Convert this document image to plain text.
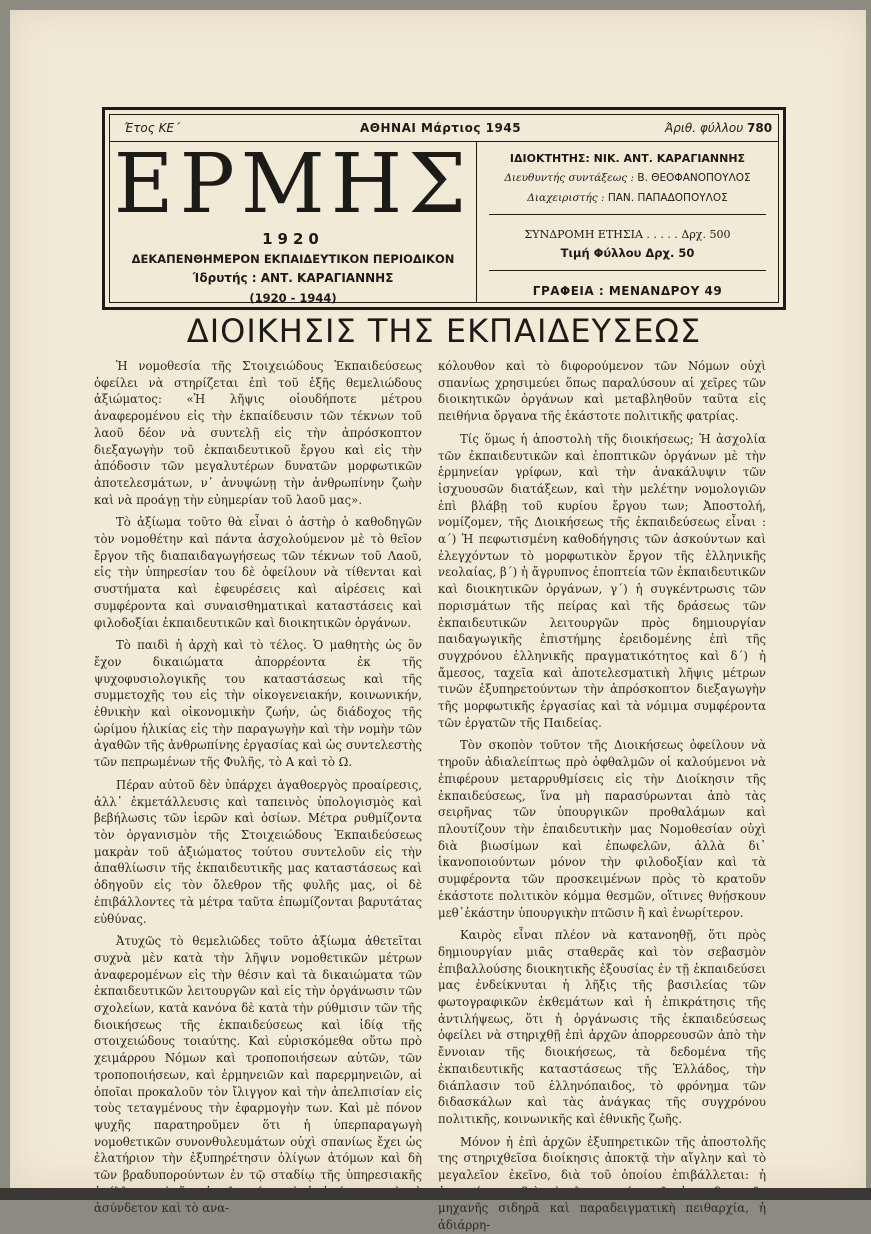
Έτος ΚΕ΄	ΑΘΗΝΑΙ Μάρτιος 1945	Άριθ. φύλλου 780
ΕΡΜΗΣ
1920
ΔΕΚΑΠΕΝΘΗΜΕΡΟΝ ΕΚΠΑΙΔΕΥΤΙΚΟΝ ΠΕΡΙΟΔΙΚΟΝ
Ίδρυτής : ΑΝΤ. ΚΑΡΑΓΙΑΝΝΗΣ
(1920 - 1944)
ΙΔΙΟΚΤΗΤΗΣ: ΝΙΚ. ΑΝΤ. ΚΑΡΑΓΙΑΝΝΗΣ
Διευθυντής συντάξεως : Β. ΘΕΟΦΑΝΟΠΟΥΛΟΣ
Διαχειριστής : ΠΑΝ. ΠΑΠΑΔΟΠΟΥΛΟΣ
ΣΥΝΔΡΟΜΗ ΕΤΗΣΙΑ . . . . . Δρχ. 500
Τιμή Φύλλου Δρχ. 50
ΓΡΑΦΕΙΑ : ΜΕΝΑΝΔΡΟΥ 49
ΔΙΟΙΚΗΣΙΣ ΤΗΣ ΕΚΠΑΙΔΕΥΣΕΩΣ

Ἡ νομοθεσία τῆς Στοιχειώδους Ἐκπαιδεύσεως ὀφείλει νὰ στηρίζεται ἐπὶ τοῦ ἑξῆς θεμελιώδους ἀξιώματος: «Ἡ λῆψις οἱουδήποτε μέτρου ἀναφερομένου εἰς τὴν ἐκπαίδευσιν τῶν τέκνων τοῦ λαοῦ δέον νὰ συντελῇ εἰς τὴν ἀπρόσκοπτον διεξαγωγὴν τοῦ ἐκπαιδευτικοῦ ἔργου καὶ εἰς τὴν ἀπόδοσιν τῶν μεγαλυτέρων δυνατῶν μορφωτικῶν ἀποτελεσμάτων, ν᾽ ἀνυψώνῃ τὴν ἀνθρωπίνην ζωὴν καὶ νὰ προάγῃ τὴν εὐημερίαν τοῦ λαοῦ μας».

Τὸ ἀξίωμα τοῦτο θὰ εἶναι ὁ ἀστὴρ ὁ καθοδηγῶν τὸν νομοθέτην καὶ πάντα ἀσχολούμενον μὲ τὸ θεῖον ἔργον τῆς διαπαιδαγωγήσεως τῶν τέκνων τοῦ Λαοῦ, εἰς τὴν ὑπηρεσίαν του δὲ ὀφείλουν νὰ τίθενται καὶ συστήματα καὶ ἐφευρέσεις καὶ αἱρέσεις καὶ συμφέροντα καὶ συναισθηματικαὶ καταστάσεις καὶ φιλοδοξίαι ἐκπαιδευτικῶν καὶ διοικητικῶν ὀργάνων.

Τὸ παιδὶ ἡ ἀρχὴ καὶ τὸ τέλος. Ὁ μαθητὴς ὡς ὃν ἔχον δικαιώματα ἀπορρέοντα ἐκ τῆς ψυχοφυσιολογικῆς του καταστάσεως καὶ τῆς συμμετοχῆς του εἰς τὴν οἰκογενειακήν, κοινωνικήν, ἐθνικὴν καὶ οἰκονομικὴν ζωήν, ὡς διάδοχος τῆς ὡρίμου ἡλικίας εἰς τὴν παραγωγὴν καὶ τὴν νομὴν τῶν ἀγαθῶν τῆς ἀνθρωπίνης ἐργασίας καὶ ὡς συντελεστὴς τῶν πεπρωμένων τῆς Φυλῆς, τὸ Α καὶ τὸ Ω.

Πέραν αὐτοῦ δὲν ὑπάρχει ἀγαθοεργὸς προαίρεσις, ἀλλ᾽ ἐκμετάλλευσις καὶ ταπεινὸς ὑπολογισμὸς καὶ βεβήλωσις τῶν ἱερῶν καὶ ὁσίων. Μέτρα ρυθμίζοντα τὸν ὀργανισμὸν τῆς Στοιχειώδους Ἐκπαιδεύσεως μακρὰν τοῦ ἀξιώματος τούτου συντελοῦν εἰς τὴν ἀπαθλίωσιν τῆς ἐκπαιδευτικῆς μας καταστάσεως καὶ ὁδηγοῦν εἰς τὸν ὄλεθρον τῆς φυλῆς μας, οἱ δὲ ἐπιβάλλοντες τὰ μέτρα ταῦτα ἐπωμίζονται βαρυτάτας εὐθύνας.

Ἀτυχῶς τὸ θεμελιῶδες τοῦτο ἀξίωμα ἀθετεῖται συχνὰ μὲν κατὰ τὴν λῆψιν νομοθετικῶν μέτρων ἀναφερομένων εἰς τὴν θέσιν καὶ τὰ δικαιώματα τῶν ἐκπαιδευτικῶν λειτουργῶν καὶ εἰς τὴν ὀργάνωσιν τῶν σχολείων, κατὰ κανόνα δὲ κατὰ τὴν ρύθμισιν τῶν τῆς διοικήσεως τῆς ἐκπαιδεύσεως καὶ ἰδίᾳ τῆς στοιχειώδους τοιαύτης. Καὶ εὑρισκόμεθα οὕτω πρὸ χειμάρρου Νόμων καὶ τροποποιήσεων αὐτῶν, τῶν τροποποιήσεων, καὶ ἑρμηνειῶν καὶ παρερμηνειῶν, αἱ ὁποῖαι προκαλοῦν τὸν ἴλιγγον καὶ τὴν ἀπελπισίαν εἰς τοὺς τεταγμένους τὴν ἐφαρμογὴν των. Καὶ μὲ πόνον ψυχῆς παρατηροῦμεν ὅτι ἡ ὑπερπαραγωγὴ νομοθετικῶν συνονθυλευμάτων οὐχὶ σπανίως ἔχει ὡς ἐλατήριον τὴν ἐξυπηρέτησιν ὀλίγων ἀτόμων καὶ δὴ τῶν βραδυπορούντων ἐν τῷ σταδίῳ τῆς ὑπηρεσιακῆς ἀσύνδετον καὶ τὸ ανα-

κόλουθον καὶ τὸ διφορούμενον τῶν Νόμων οὐχὶ σπανίως χρησιμεύει ὅπως παραλύσουν αἱ χεῖρες τῶν διοικητικῶν ὀργάνων καὶ μεταβληθοῦν ταῦτα εἰς πειθήνια ὄργανα τῆς ἑκάστοτε πολιτικῆς φατρίας.

Τίς ὅμως ἡ ἀποστολὴ τῆς διοικήσεως; Ἡ ἀσχολία τῶν ἐκπαιδευτικῶν καὶ ἐποπτικῶν ὀργάνων μὲ τὴν ἑρμηνείαν γρίφων, καὶ τὴν ἀνακάλυψιν τῶν ἰσχυουσῶν διατάξεων, καὶ τὴν μελέτην νομολογιῶν ἐπὶ βλάβῃ τοῦ κυρίου ἔργου των; Ἀποστολή, νομίζομεν, τῆς Διοικήσεως τῆς ἐκπαιδεύσεως εἶναι : α΄) Ἡ πεφωτισμένη καθοδήγησις τῶν ἀσκούντων καὶ ἐλεγχόντων τὸ μορφωτικὸν ἔργον τῆς ἑλληνικῆς νεολαίας, β΄) ἡ ἄγρυπνος ἐποπτεία τῶν ἐκπαιδευτικῶν καὶ διοικητικῶν ὀργάνων, γ΄) ἡ συγκέντρωσις τῶν πορισμάτων τῆς πείρας καὶ τῆς δράσεως τῶν ἐκπαιδευτικῶν λειτουργῶν πρὸς δημιουργίαν παιδαγωγικῆς ἐπιστήμης ἐρειδομένης ἐπὶ τῆς συγχρόνου ἑλληνικῆς πραγματικότητος καὶ δ΄) ἡ ἄμεσος, ταχεῖα καὶ ἀποτελεσματικὴ λῆψις μέτρων τινῶν ἐξυπηρετούντων τὴν ἀπρόσκοπτον διεξαγωγὴν τῆς μορφωτικῆς ἐργασίας καὶ τὰ νόμιμα συμφέροντα τῶν ἐργατῶν τῆς Παιδείας.

Τὸν σκοπὸν τοῦτον τῆς Διοικήσεως ὀφείλουν νὰ τηροῦν ἀδιαλείπτως πρὸ ὀφθαλμῶν οἱ καλούμενοι νὰ ἐπιφέρουν μεταρρυθμίσεις εἰς τὴν Διοίκησιν τῆς ἐκπαιδεύσεως, ἵνα μὴ παρασύρωνται ἀπὸ τὰς σειρῆνας τῶν ὑπουργικῶν προθαλάμων καὶ πλουτίζουν τὴν ἐπαιδευτικὴν μας Νομοθεσίαν οὐχὶ διὰ βιωσίμων καὶ ἐπωφελῶν, ἀλλὰ δι᾽ ἱκανοποιούντων μόνον τὴν φιλοδοξίαν καὶ τὰ συμφέροντα τῶν προσκειμένων πρὸς τὸ κρατοῦν ἑκάστοτε πολιτικὸν κόμμα θεσμῶν, οἵτινες θνῄσκουν μεθ᾽ἑκάστην ὑπουργικὴν πτῶσιν ἢ καὶ ἐνωρίτερον.

Καιρὸς εἶναι πλέον νὰ κατανοηθῇ, ὅτι πρὸς δημιουργίαν μιᾶς σταθερᾶς καὶ τὸν σεβασμὸν ἐπιβαλλούσης διοικητικῆς ἐξουσίας ἐν τῇ ἐκπαιδεύσει μας ἐνδείκνυται ἡ λῆξις τῆς βασιλείας τῶν φωτογραφικῶν ἐκθεμάτων καὶ ἡ ἐπικράτησις τῆς ἀντιλήψεως, ὅτι ἡ ὀργάνωσις τῆς ἐκπαιδεύσεως ὀφείλει νὰ στηριχθῇ ἐπὶ ἀρχῶν ἀπορρεουσῶν ἀπὸ τὴν ἔννοιαν τῆς διοικήσεως, τὰ δεδομένα τῆς ἐκπαιδευτικῆς καταστάσεως τῆς Ἑλλάδος, τὴν διάπλασιν τοῦ ἑλληνόπαιδος, τὸ φρόνημα τῶν διδασκάλων καὶ τὰς ἀνάγκας τῆς συγχρόνου πολιτικῆς, κοινωνικῆς καὶ ἐθνικῆς ζωῆς.

Μόνον ἡ ἐπὶ ἀρχῶν ἐξυπηρετικῶν τῆς ἀποστολῆς της στηριχθεῖσα διοίκησις ἀποκτᾷ τὴν αἴγλην καὶ τὸ μεγαλεῖον ἐκεῖνο, διὰ τοῦ ὁποίου ἐπιβάλλεται: ἡ μηχανῆς σιδηρᾶ καὶ παραδειγματικὴ πειθαρχία, ἡ ἀδιάρρη-
